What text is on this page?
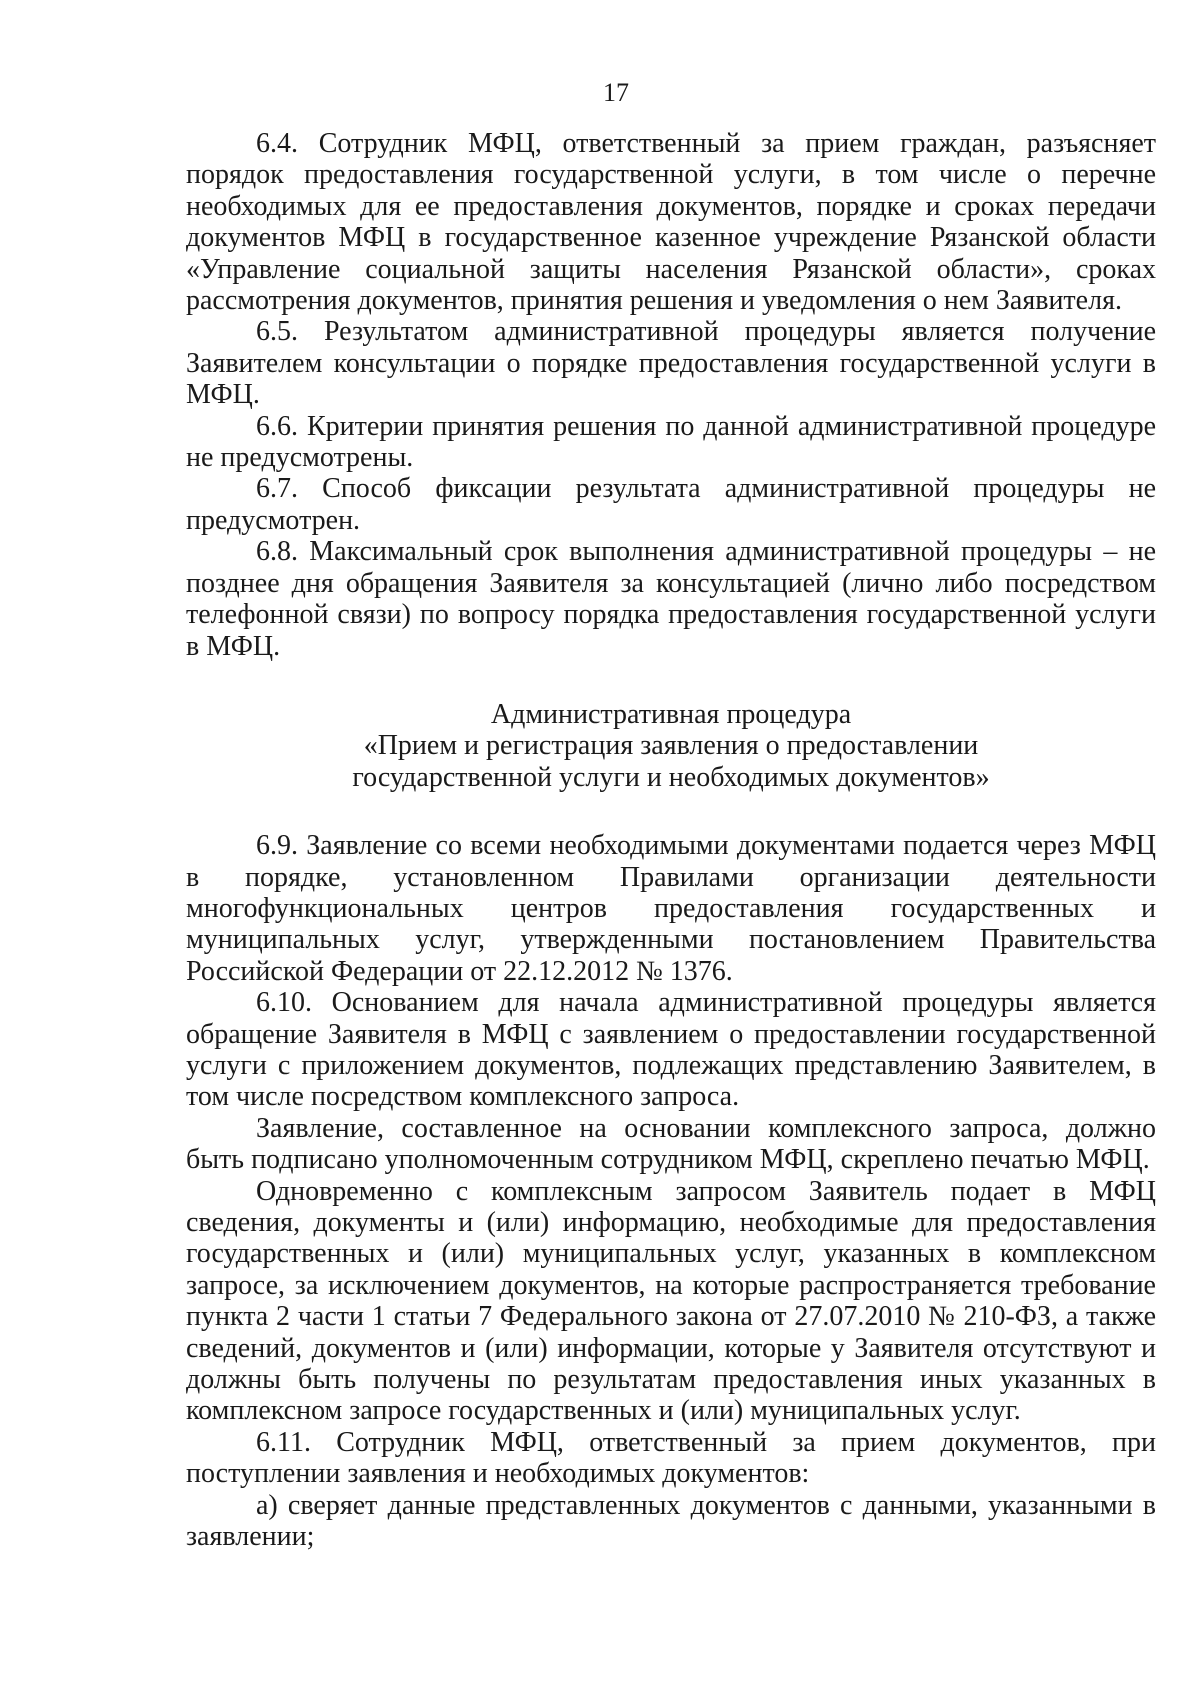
17

6.4. Сотрудник МФЦ, ответственный за прием граждан, разъясняет порядок предоставления государственной услуги, в том числе о перечне необходимых для ее предоставления документов, порядке и сроках передачи документов МФЦ в государственное казенное учреждение Рязанской области «Управление социальной защиты населения Рязанской области», сроках рассмотрения документов, принятия решения и уведомления о нем Заявителя.

6.5. Результатом административной процедуры является получение Заявителем консультации о порядке предоставления государственной услуги в МФЦ.

6.6. Критерии принятия решения по данной административной процедуре не предусмотрены.

6.7. Способ фиксации результата административной процедуры не предусмотрен.

6.8. Максимальный срок выполнения административной процедуры – не позднее дня обращения Заявителя за консультацией (лично либо посредством телефонной связи) по вопросу порядка предоставления государственной услуги в МФЦ.

Административная процедура

«Прием и регистрация заявления о предоставлении

государственной услуги и необходимых документов»

6.9. Заявление со всеми необходимыми документами подается через МФЦ в порядке, установленном Правилами организации деятельности многофункциональных центров предоставления государственных и муниципальных услуг, утвержденными постановлением Правительства Российской Федерации от 22.12.2012 № 1376.

6.10. Основанием для начала административной процедуры является обращение Заявителя в МФЦ с заявлением о предоставлении государственной услуги с приложением документов, подлежащих представлению Заявителем, в том числе посредством комплексного запроса.

Заявление, составленное на основании комплексного запроса, должно быть подписано уполномоченным сотрудником МФЦ, скреплено печатью МФЦ.

Одновременно с комплексным запросом Заявитель подает в МФЦ сведения, документы и (или) информацию, необходимые для предоставления государственных и (или) муниципальных услуг, указанных в комплексном запросе, за исключением документов, на которые распространяется требование пункта 2 части 1 статьи 7 Федерального закона от 27.07.2010 № 210-ФЗ, а также сведений, документов и (или) информации, которые у Заявителя отсутствуют и должны быть получены по результатам предоставления иных указанных в комплексном запросе государственных и (или) муниципальных услуг.

6.11. Сотрудник МФЦ, ответственный за прием документов, при поступлении заявления и необходимых документов:

а) сверяет данные представленных документов с данными, указанными в заявлении;
